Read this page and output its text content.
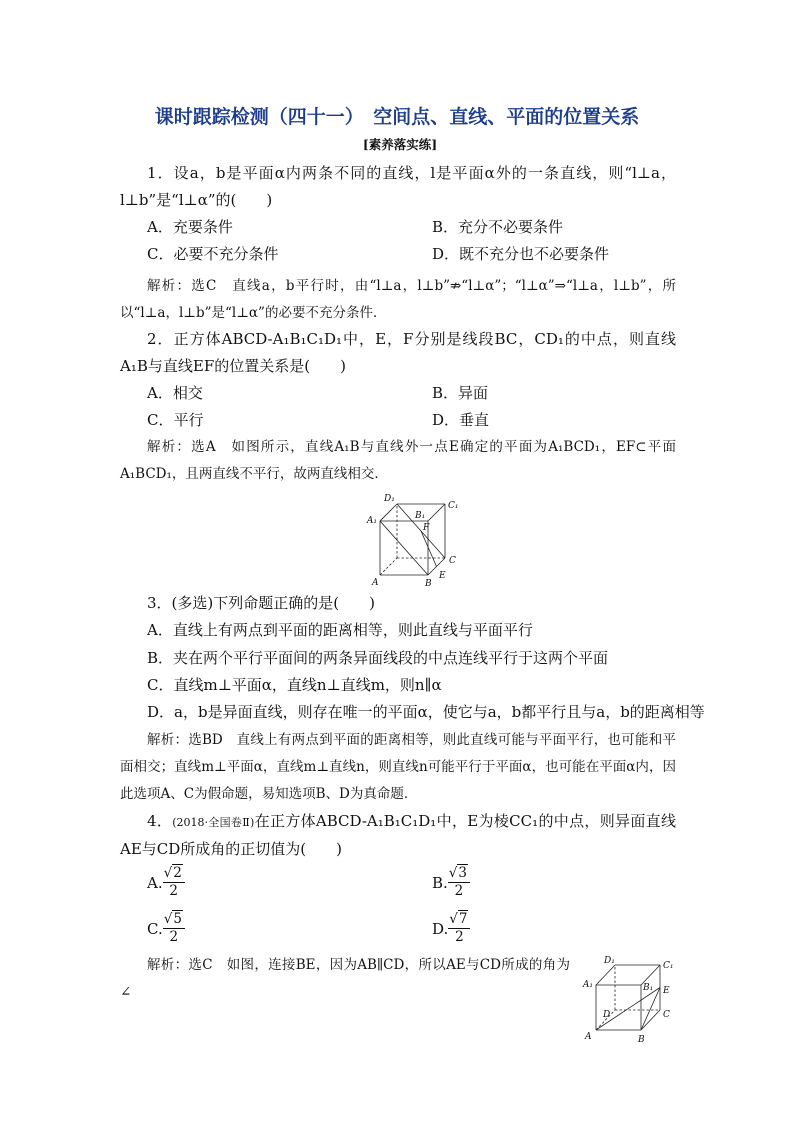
课时跟踪检测（四十一）　空间点、直线、平面的位置关系
[素养落实练]

1．设a，b是平面α内两条不同的直线，l是平面α外的一条直线，则“l⊥a，l⊥b”是“l⊥α”的(　　)

A．充要条件	B．充分不必要条件

C．必要不充分条件	D．既不充分也不必要条件

解析：选C　直线a，b平行时，由“l⊥a，l⊥b”⇏“l⊥α”；“l⊥α”⇒“l⊥a，l⊥b”，所以“l⊥a，l⊥b”是“l⊥α”的必要不充分条件．

2．正方体ABCD-A₁B₁C₁D₁中，E，F分别是线段BC，CD₁的中点，则直线A₁B与直线EF的位置关系是(　　)

A．相交	B．异面

C．平行	D．垂直

解析：选A　如图所示，直线A₁B与直线外一点E确定的平面为A₁BCD₁，EF⊂平面A₁BCD₁，且两直线不平行，故两直线相交．

D₁
C₁
A₁	B₁
F
C
E
A	B

3．(多选)下列命题正确的是(　　)

A．直线上有两点到平面的距离相等，则此直线与平面平行

B．夹在两个平行平面间的两条异面线段的中点连线平行于这两个平面

C．直线m⊥平面α，直线n⊥直线m，则n∥α

D．a，b是异面直线，则存在唯一的平面α，使它与a，b都平行且与a，b的距离相等

解析：选BD　直线上有两点到平面的距离相等，则此直线可能与平面平行，也可能和平面相交；直线m⊥平面α，直线m⊥直线n，则直线n可能平行于平面α，也可能在平面α内，因此选项A、C为假命题，易知选项B、D为真命题．

4．(2018·全国卷Ⅱ)在正方体ABCD-A₁B₁C₁D₁中，E为棱CC₁的中点，则异面直线AE与CD所成角的正切值为(　　)

A. $\frac{√2}{2}$	B. $\frac{√3}{2}$
C. $\frac{√5}{2}$	D. $\frac{√7}{2}$

解析：选C　如图，连接BE，因为AB∥CD，所以AE与CD所成的角为∠

D₁	C₁
A₁	B₁ E
D	C
A	B
